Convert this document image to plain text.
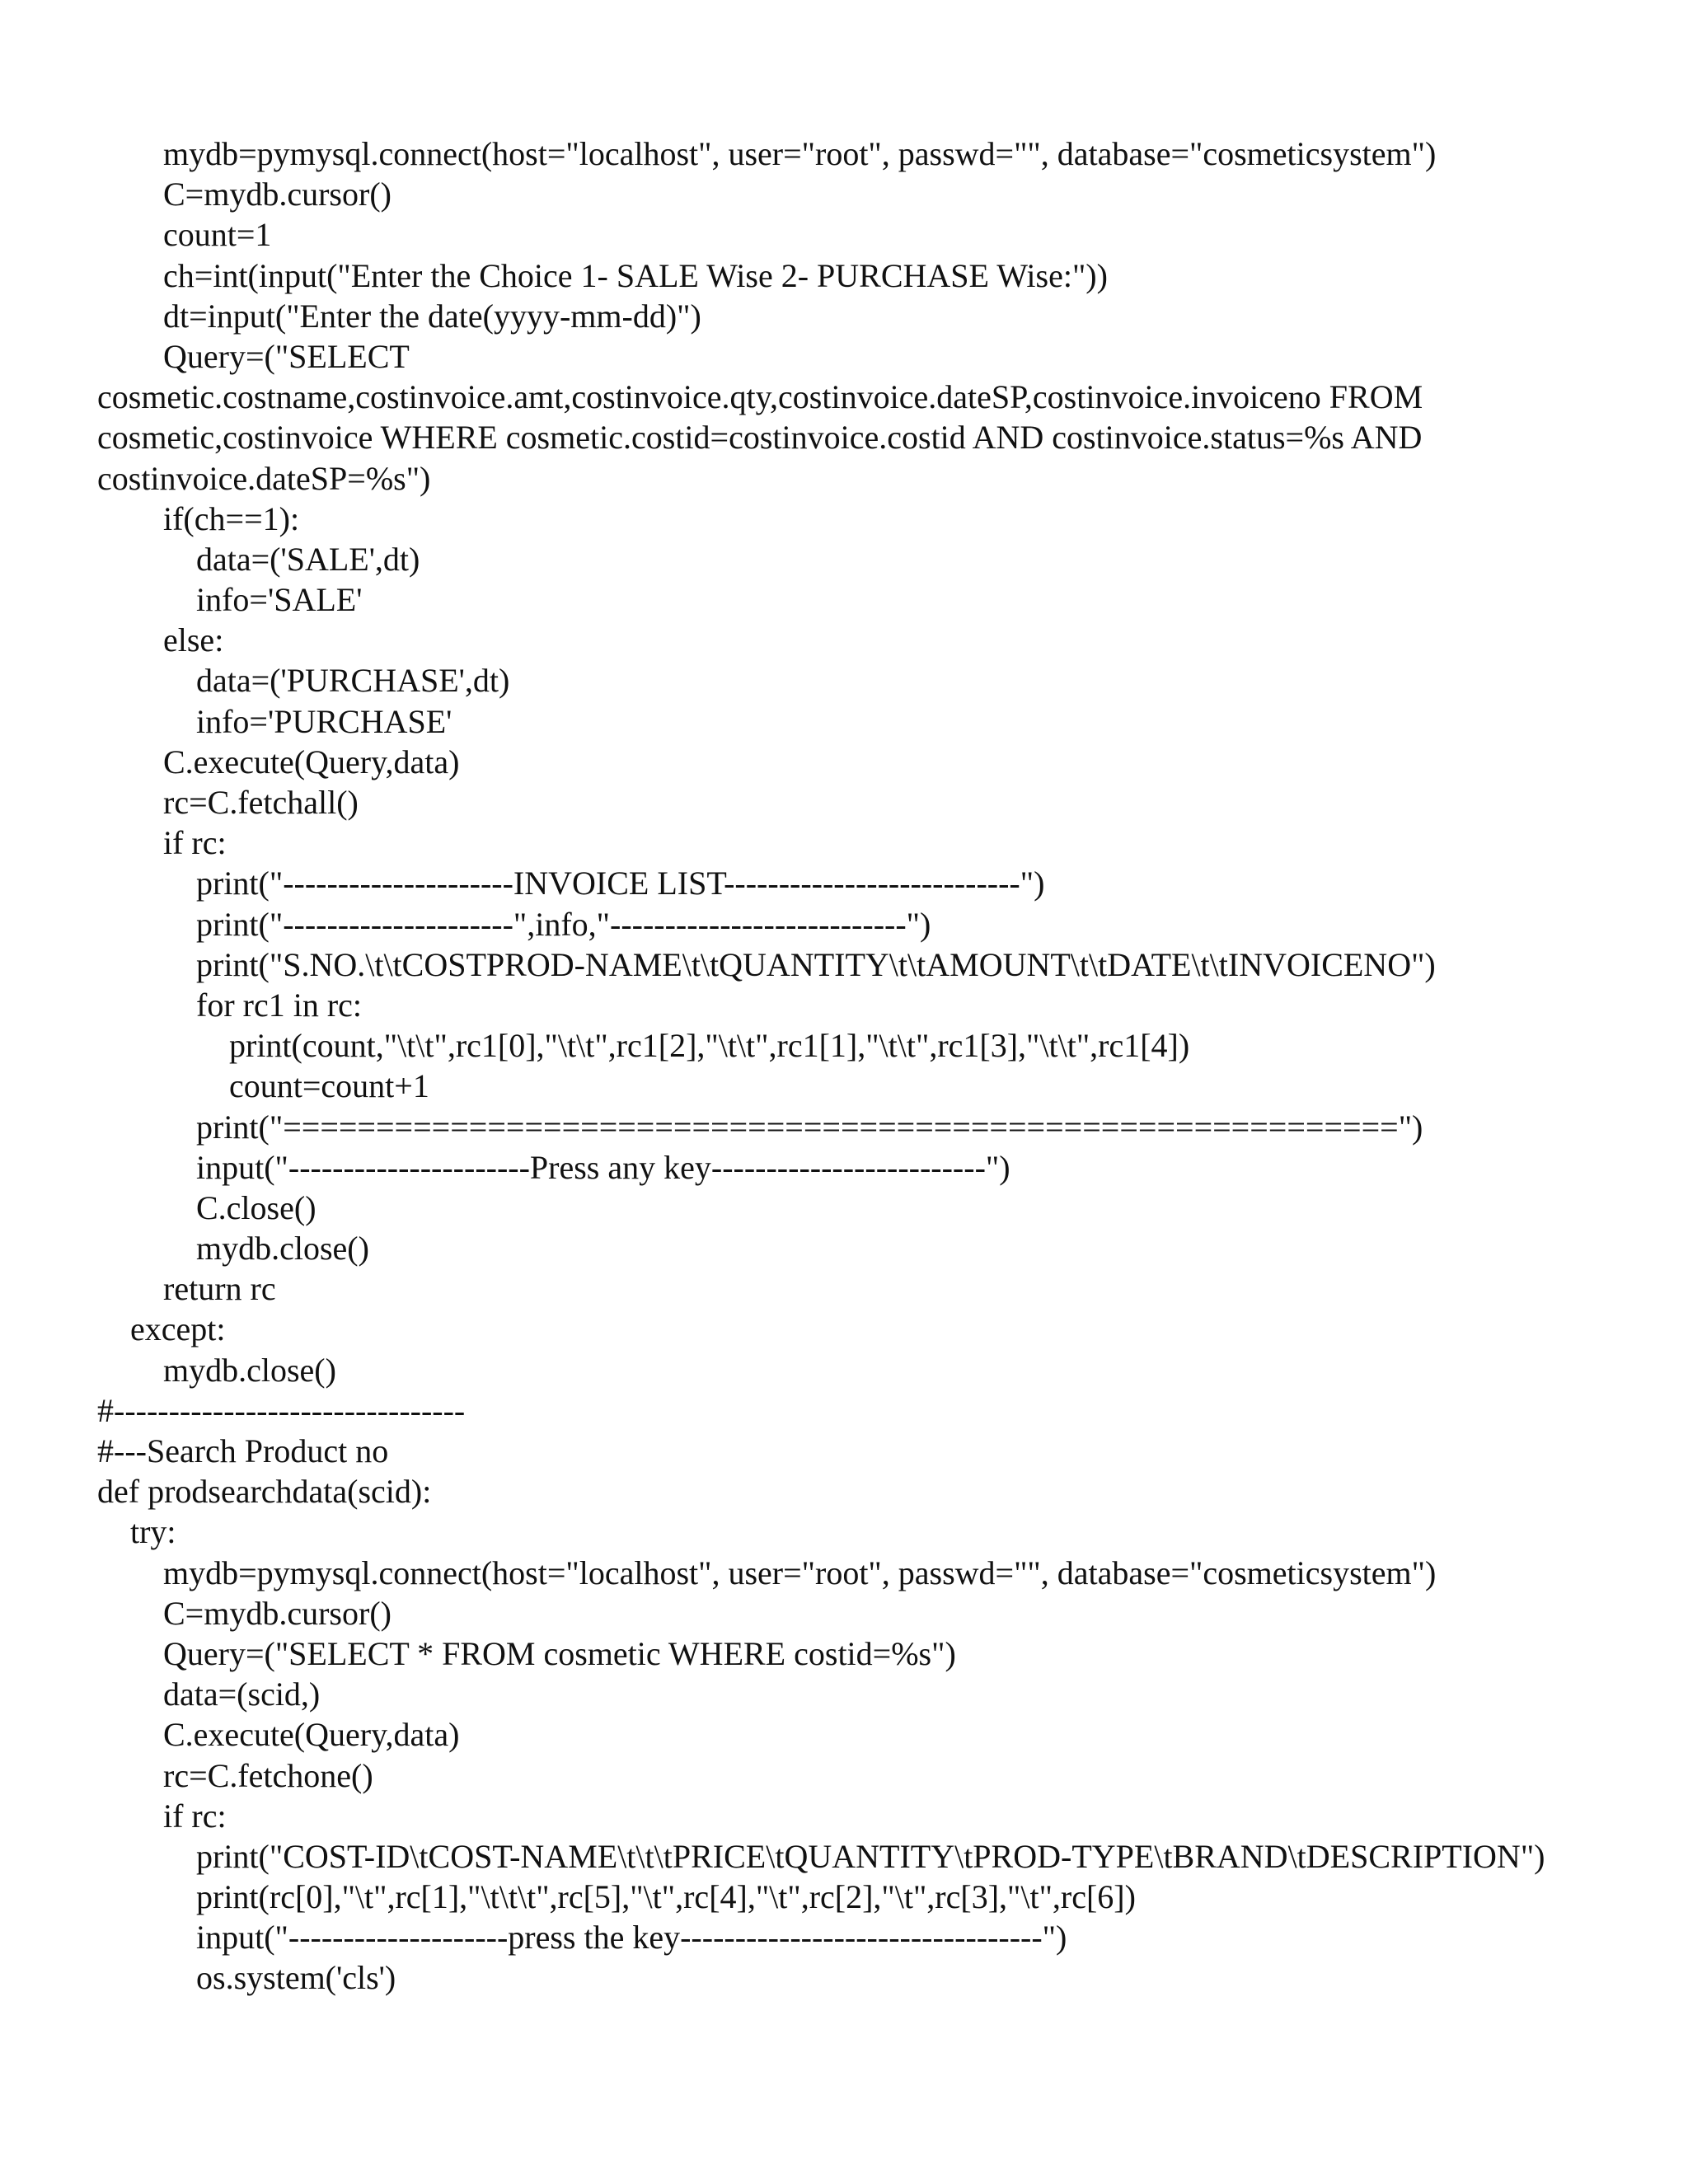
mydb=pymysql.connect(host="localhost", user="root", passwd="", database="cosmeticsystem")
C=mydb.cursor()
count=1
ch=int(input("Enter the Choice 1- SALE Wise 2- PURCHASE Wise:"))
dt=input("Enter the date(yyyy-mm-dd)")
Query=("SELECT
cosmetic.costname,costinvoice.amt,costinvoice.qty,costinvoice.dateSP,costinvoice.invoiceno FROM
cosmetic,costinvoice WHERE cosmetic.costid=costinvoice.costid AND costinvoice.status=%s AND
costinvoice.dateSP=%s")
if(ch==1):
data=('SALE',dt)
info='SALE'
else:
data=('PURCHASE',dt)
info='PURCHASE'
C.execute(Query,data)
rc=C.fetchall()
if rc:
print("---------------------INVOICE LIST---------------------------")
print("---------------------",info,"---------------------------")
print("S.NO.\t\tCOSTPROD-NAME\t\tQUANTITY\t\tAMOUNT\t\tDATE\t\tINVOICENO")
for rc1 in rc:
print(count,"\t\t",rc1[0],"\t\t",rc1[2],"\t\t",rc1[1],"\t\t",rc1[3],"\t\t",rc1[4])
count=count+1
print("============================================================")
input("----------------------Press any key-------------------------")
C.close()
mydb.close()
return rc
except:
mydb.close()
#--------------------------------
#---Search Product no
def prodsearchdata(scid):
try:
mydb=pymysql.connect(host="localhost", user="root", passwd="", database="cosmeticsystem")
C=mydb.cursor()
Query=("SELECT * FROM cosmetic WHERE costid=%s")
data=(scid,)
C.execute(Query,data)
rc=C.fetchone()
if rc:
print("COST-ID\tCOST-NAME\t\t\tPRICE\tQUANTITY\tPROD-TYPE\tBRAND\tDESCRIPTION")
print(rc[0],"\t",rc[1],"\t\t\t",rc[5],"\t",rc[4],"\t",rc[2],"\t",rc[3],"\t",rc[6])
input("--------------------press the key---------------------------------")
os.system('cls')
